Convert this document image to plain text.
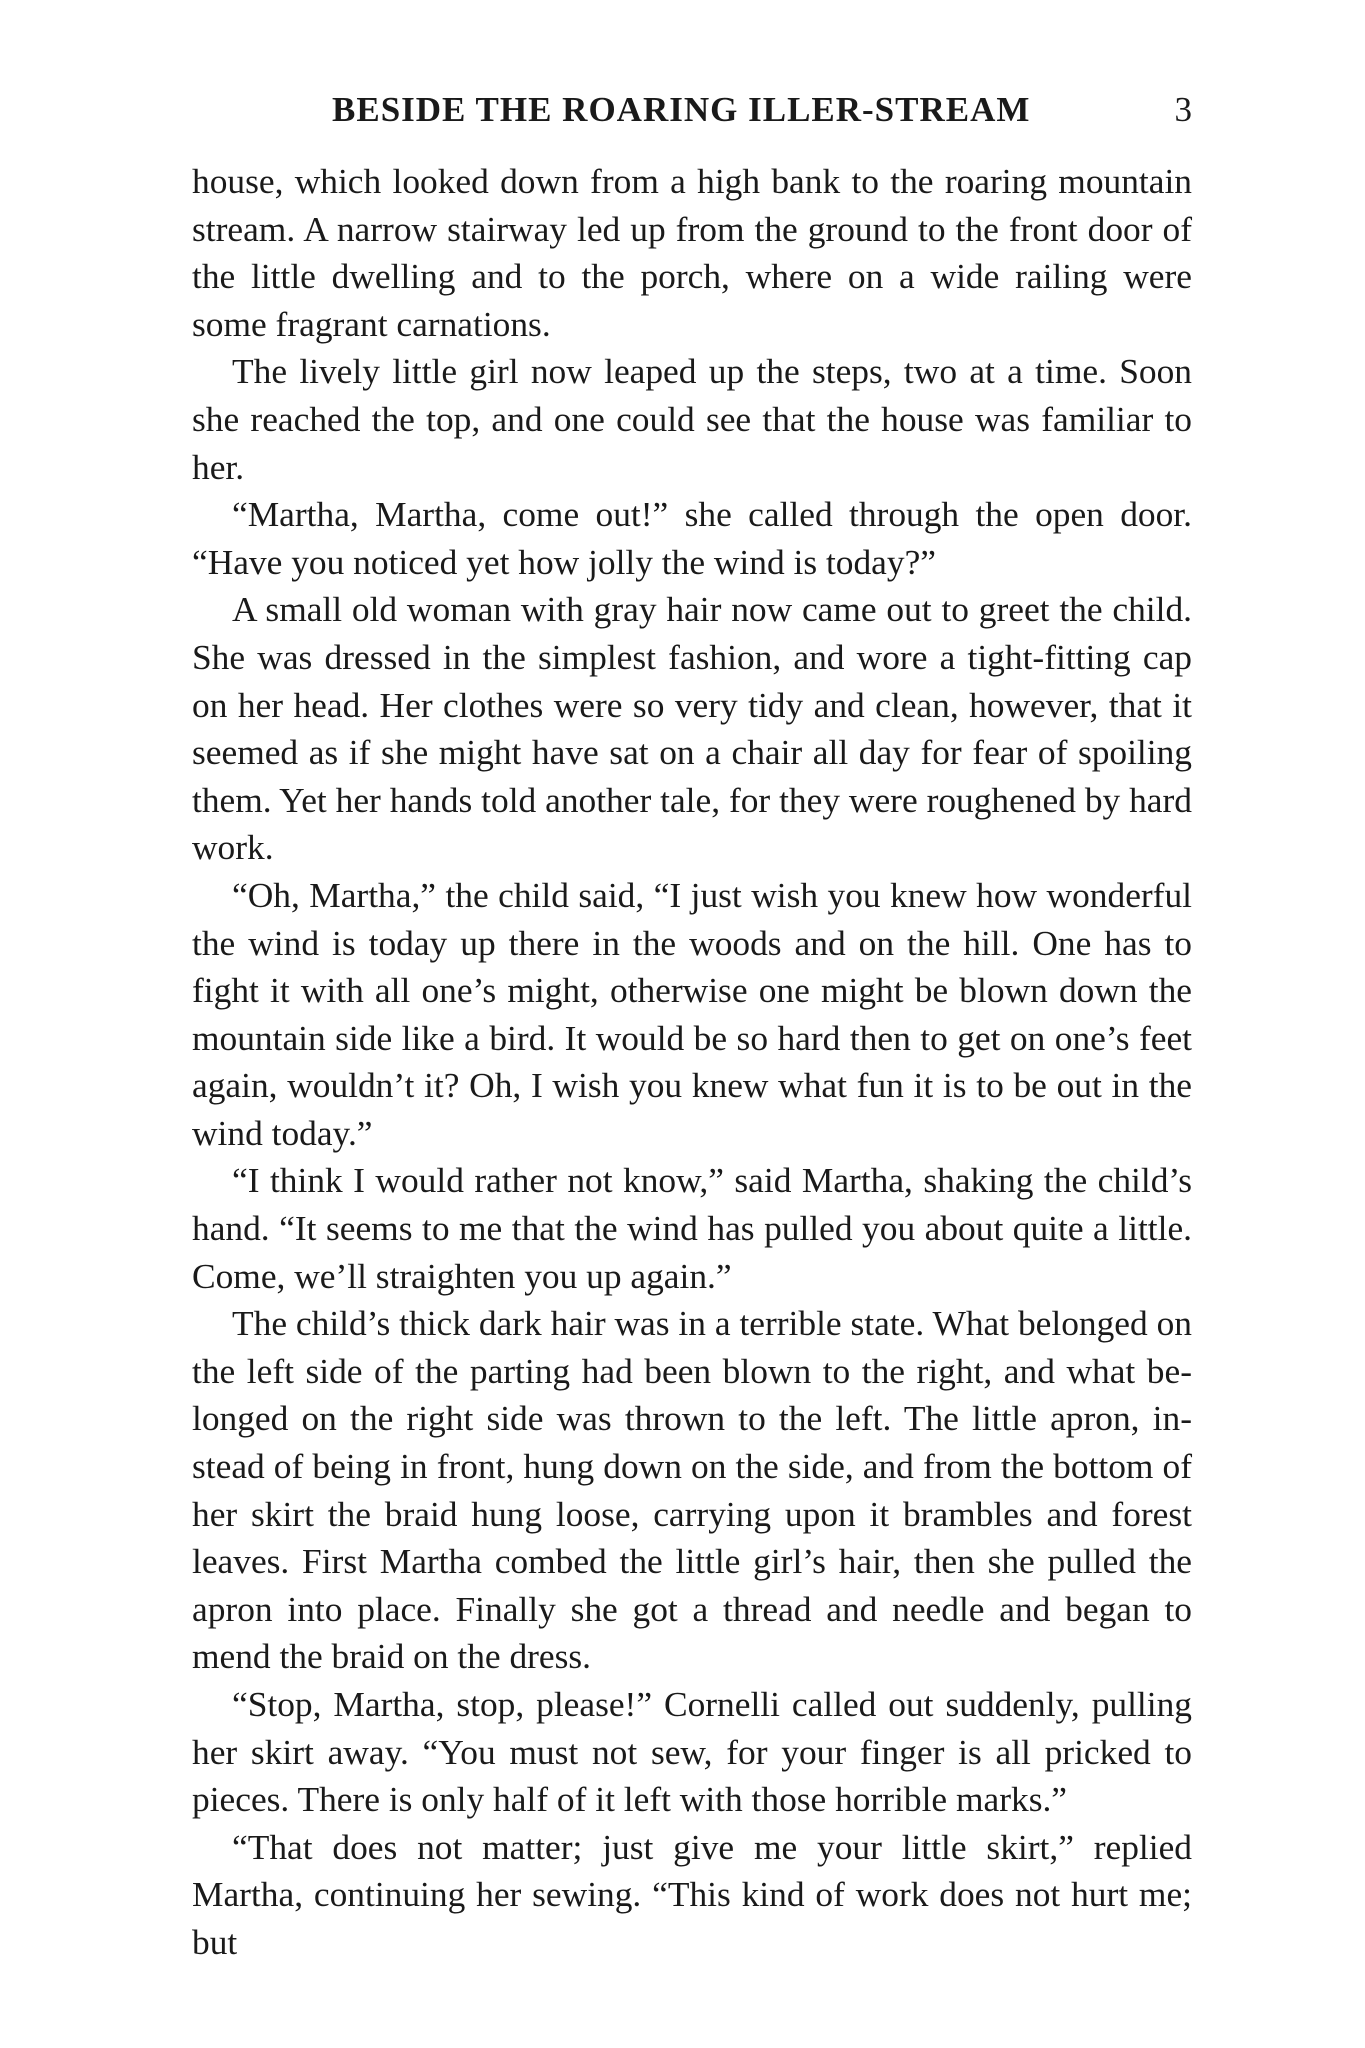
BESIDE THE ROARING ILLER-STREAM	3

house, which looked down from a high bank to the roaring mountain stream. A narrow stairway led up from the ground to the front door of the little dwelling and to the porch, where on a wide railing were some fragrant carnations.

The lively little girl now leaped up the steps, two at a time. Soon she reached the top, and one could see that the house was familiar to her.

“Martha, Martha, come out!” she called through the open door. “Have you noticed yet how jolly the wind is today?”

A small old woman with gray hair now came out to greet the child. She was dressed in the simplest fashion, and wore a tight-fitting cap on her head. Her clothes were so very tidy and clean, however, that it seemed as if she might have sat on a chair all day for fear of spoiling them. Yet her hands told another tale, for they were roughened by hard work.

“Oh, Martha,” the child said, “I just wish you knew how wonderful the wind is today up there in the woods and on the hill. One has to fight it with all one’s might, otherwise one might be blown down the mountain side like a bird. It would be so hard then to get on one’s feet again, wouldn’t it? Oh, I wish you knew what fun it is to be out in the wind today.”

“I think I would rather not know,” said Martha, shaking the child’s hand. “It seems to me that the wind has pulled you about quite a little. Come, we’ll straighten you up again.”

The child’s thick dark hair was in a terrible state. What belonged on the left side of the parting had been blown to the right, and what belonged on the right side was thrown to the left. The little apron, instead of being in front, hung down on the side, and from the bottom of her skirt the braid hung loose, carrying upon it brambles and forest leaves. First Martha combed the little girl’s hair, then she pulled the apron into place. Finally she got a thread and needle and began to mend the braid on the dress.

“Stop, Martha, stop, please!” Cornelli called out suddenly, pulling her skirt away. “You must not sew, for your finger is all pricked to pieces. There is only half of it left with those horrible marks.”

“That does not matter; just give me your little skirt,” replied Martha, continuing her sewing. “This kind of work does not hurt me; but
